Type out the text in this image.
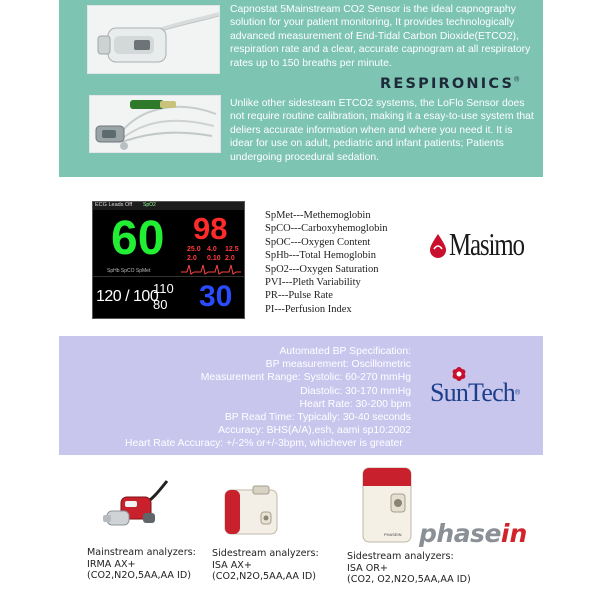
Capnostat 5Mainstream CO2 Sensor is the ideal capnography solution for your patient monitoring, It provides technologically advanced measurement of End-Tidal Carbon Dioxide(ETCO2), respiration rate and a clear, accurate capnogram at all respiratory rates up to 150 breaths per minute.

RESPIRONICS®

Unlike other sidesteam ETCO2 systems, the LoFlo Sensor does not require routine calibration, making it a esay-to-use system that deliers accurate information when and where you need it. It is idear for use on adult, pediatric and infant patients; Patients undergoing procedural sedation.

ECG Leads Off SpO2
60 98
25.0 4.0 12.5
2.0 0.10 2.0
SpHb SpCO SpMet
120 / 100
110
80 30
SpMet---Methemoglobin
SpCO---Carboxyhemoglobin
SpOC---Oxygen Content
SpHb---Total Hemoglobin
SpO2---Oxygen Saturation
PVI---Pleth Variability
PR---Pulse Rate
PI---Perfusion Index
Masimo
Automated BP Specification:
BP measurement: Oscillometric
Measurement Range: Systolic: 60-270 mmHg
Diastolic: 30-170 mmHg
Heart Rate: 30-200 bpm
BP Read Time: Typically: 30-40 seconds
Accuracy: BHS(A/A),esh, aami sp10:2002
Heart Rate Accuracy: +/-2% or+/-3bpm, whichever is greater
SunTech®
PHASEIN phasein
Mainstream analyzers:
IRMA AX+
(CO2,N2O,5AA,AA ID)
Sidestream analyzers:
ISA AX+
(CO2,N2O,5AA,AA ID)
Sidestream analyzers:
ISA OR+
(CO2, O2,N2O,5AA,AA ID)
